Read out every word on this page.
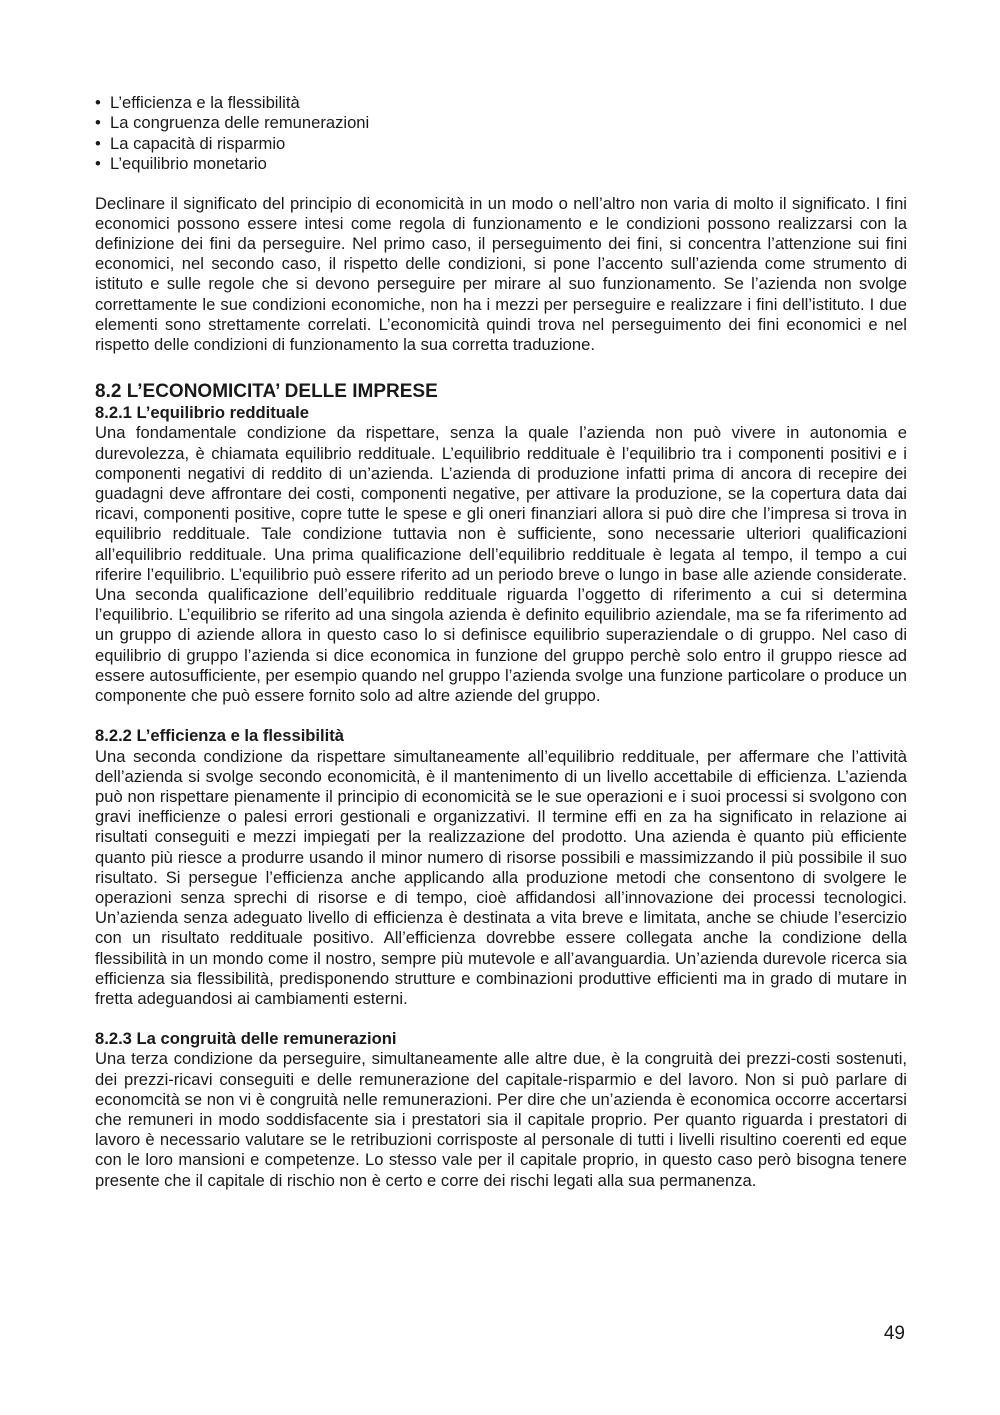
• L’efficienza e la flessibilità
• La congruenza delle remunerazioni
• La capacità di risparmio
• L’equilibrio monetario

Declinare il significato del principio di economicità in un modo o nell’altro non varia di molto il significato. I fini economici possono essere intesi come regola di funzionamento e le condizioni possono realizzarsi con la definizione dei fini da perseguire. Nel primo caso, il perseguimento dei fini, si concentra l’attenzione sui fini economici, nel secondo caso, il rispetto delle condizioni, si pone l’accento sull’azienda come strumento di istituto e sulle regole che si devono perseguire per mirare al suo funzionamento. Se l’azienda non svolge correttamente le sue condizioni economiche, non ha i mezzi per perseguire e realizzare i fini dell’istituto. I due elementi sono strettamente correlati. L’economicità quindi trova nel perseguimento dei fini economici e nel rispetto delle condizioni di funzionamento la sua corretta traduzione.

8.2 L’ECONOMICITA’ DELLE IMPRESE
8.2.1 L’equilibrio reddituale

Una fondamentale condizione da rispettare, senza la quale l’azienda non può vivere in autonomia e durevolezza, è chiamata equilibrio reddituale. L’equilibrio reddituale è l’equilibrio tra i componenti positivi e i componenti negativi di reddito di un’azienda. L’azienda di produzione infatti prima di ancora di recepire dei guadagni deve affrontare dei costi, componenti negative, per attivare la produzione, se la copertura data dai ricavi, componenti positive, copre tutte le spese e gli oneri finanziari allora si può dire che l’impresa si trova in equilibrio reddituale. Tale condizione tuttavia non è sufficiente, sono necessarie ulteriori qualificazioni all’equilibrio reddituale. Una prima qualificazione dell’equilibrio reddituale è legata al tempo, il tempo a cui riferire l’equilibrio. L’equilibrio può essere riferito ad un periodo breve o lungo in base alle aziende considerate. Una seconda qualificazione dell’equilibrio reddituale riguarda l’oggetto di riferimento a cui si determina l’equilibrio. L’equilibrio se riferito ad una singola azienda è definito equilibrio aziendale, ma se fa riferimento ad un gruppo di aziende allora in questo caso lo si definisce equilibrio superaziendale o di gruppo. Nel caso di equilibrio di gruppo l’azienda si dice economica in funzione del gruppo perchè solo entro il gruppo riesce ad essere autosufficiente, per esempio quando nel gruppo l’azienda svolge una funzione particolare o produce un componente che può essere fornito solo ad altre aziende del gruppo.

8.2.2 L’efficienza e la flessibilità

Una seconda condizione da rispettare simultaneamente all’equilibrio reddituale, per affermare che l’attività dell’azienda si svolge secondo economicità, è il mantenimento di un livello accettabile di efficienza. L’azienda può non rispettare pienamente il principio di economicità se le sue operazioni e i suoi processi si svolgono con gravi inefficienze o palesi errori gestionali e organizzativi. Il termine effi en za ha significato in relazione ai risultati conseguiti e mezzi impiegati per la realizzazione del prodotto. Una azienda è quanto più efficiente quanto più riesce a produrre usando il minor numero di risorse possibili e massimizzando il più possibile il suo risultato. Si persegue l’efficienza anche applicando alla produzione metodi che consentono di svolgere le operazioni senza sprechi di risorse e di tempo, cioè affidandosi all’innovazione dei processi tecnologici. Un’azienda senza adeguato livello di efficienza è destinata a vita breve e limitata, anche se chiude l’esercizio con un risultato reddituale positivo. All’efficienza dovrebbe essere collegata anche la condizione della flessibilità in un mondo come il nostro, sempre più mutevole e all’avanguardia. Un’azienda durevole ricerca sia efficienza sia flessibilità, predisponendo strutture e combinazioni produttive efficienti ma in grado di mutare in fretta adeguandosi ai cambiamenti esterni.

8.2.3 La congruità delle remunerazioni

Una terza condizione da perseguire, simultaneamente alle altre due, è la congruità dei prezzi-costi sostenuti, dei prezzi-ricavi conseguiti e delle remunerazione del capitale-risparmio e del lavoro. Non si può parlare di economcità se non vi è congruità nelle remunerazioni. Per dire che un’azienda è economica occorre accertarsi che remuneri in modo soddisfacente sia i prestatori sia il capitale proprio. Per quanto riguarda i prestatori di lavoro è necessario valutare se le retribuzioni corrisposte al personale di tutti i livelli risultino coerenti ed eque con le loro mansioni e competenze. Lo stesso vale per il capitale proprio, in questo caso però bisogna tenere presente che il capitale di rischio non è certo e corre dei rischi legati alla sua permanenza.

49
